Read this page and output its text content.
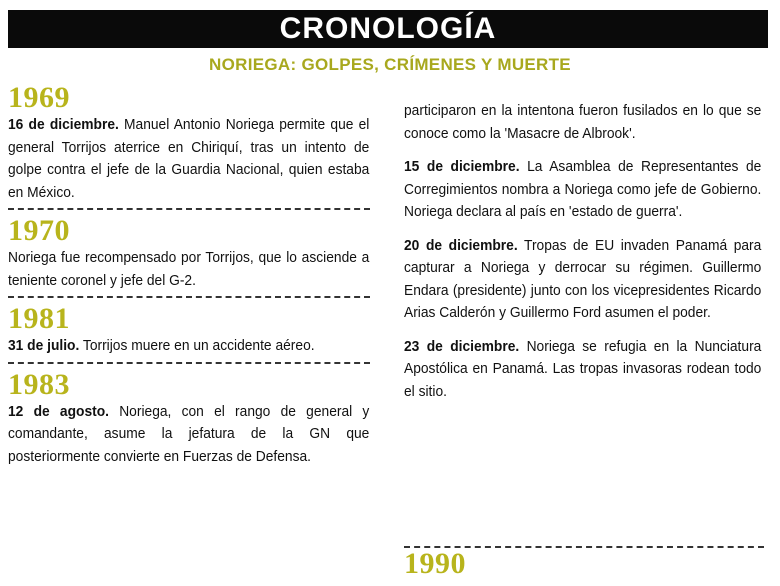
CRONOLOGÍA
NORIEGA: GOLPES, CRÍMENES Y MUERTE
1969

16 de diciembre. Manuel Antonio Noriega permite que el general Torrijos aterrice en Chiriquí, tras un intento de golpe contra el jefe de la Guardia Nacional, quien estaba en México.

1970

Noriega fue recompensado por Torrijos, que lo asciende a teniente coronel y jefe del G-2.

1981

31 de julio. Torrijos muere en un accidente aéreo.

1983

12 de agosto. Noriega, con el rango de general y comandante, asume la jefatura de la GN que posteriormente convierte en Fuerzas de Defensa.

participaron en la intentona fueron fusilados en lo que se conoce como la 'Masacre de Albrook'.

15 de diciembre. La Asamblea de Representantes de Corregimientos nombra a Noriega como jefe de Gobierno. Noriega declara al país en 'estado de guerra'.

20 de diciembre. Tropas de EU invaden Panamá para capturar a Noriega y derrocar su régimen. Guillermo Endara (presidente) junto con los vicepresidentes Ricardo Arias Calderón y Guillermo Ford asumen el poder.

23 de diciembre. Noriega se refugia en la Nunciatura Apostólica en Panamá. Las tropas invasoras rodean todo el sitio.

1990
